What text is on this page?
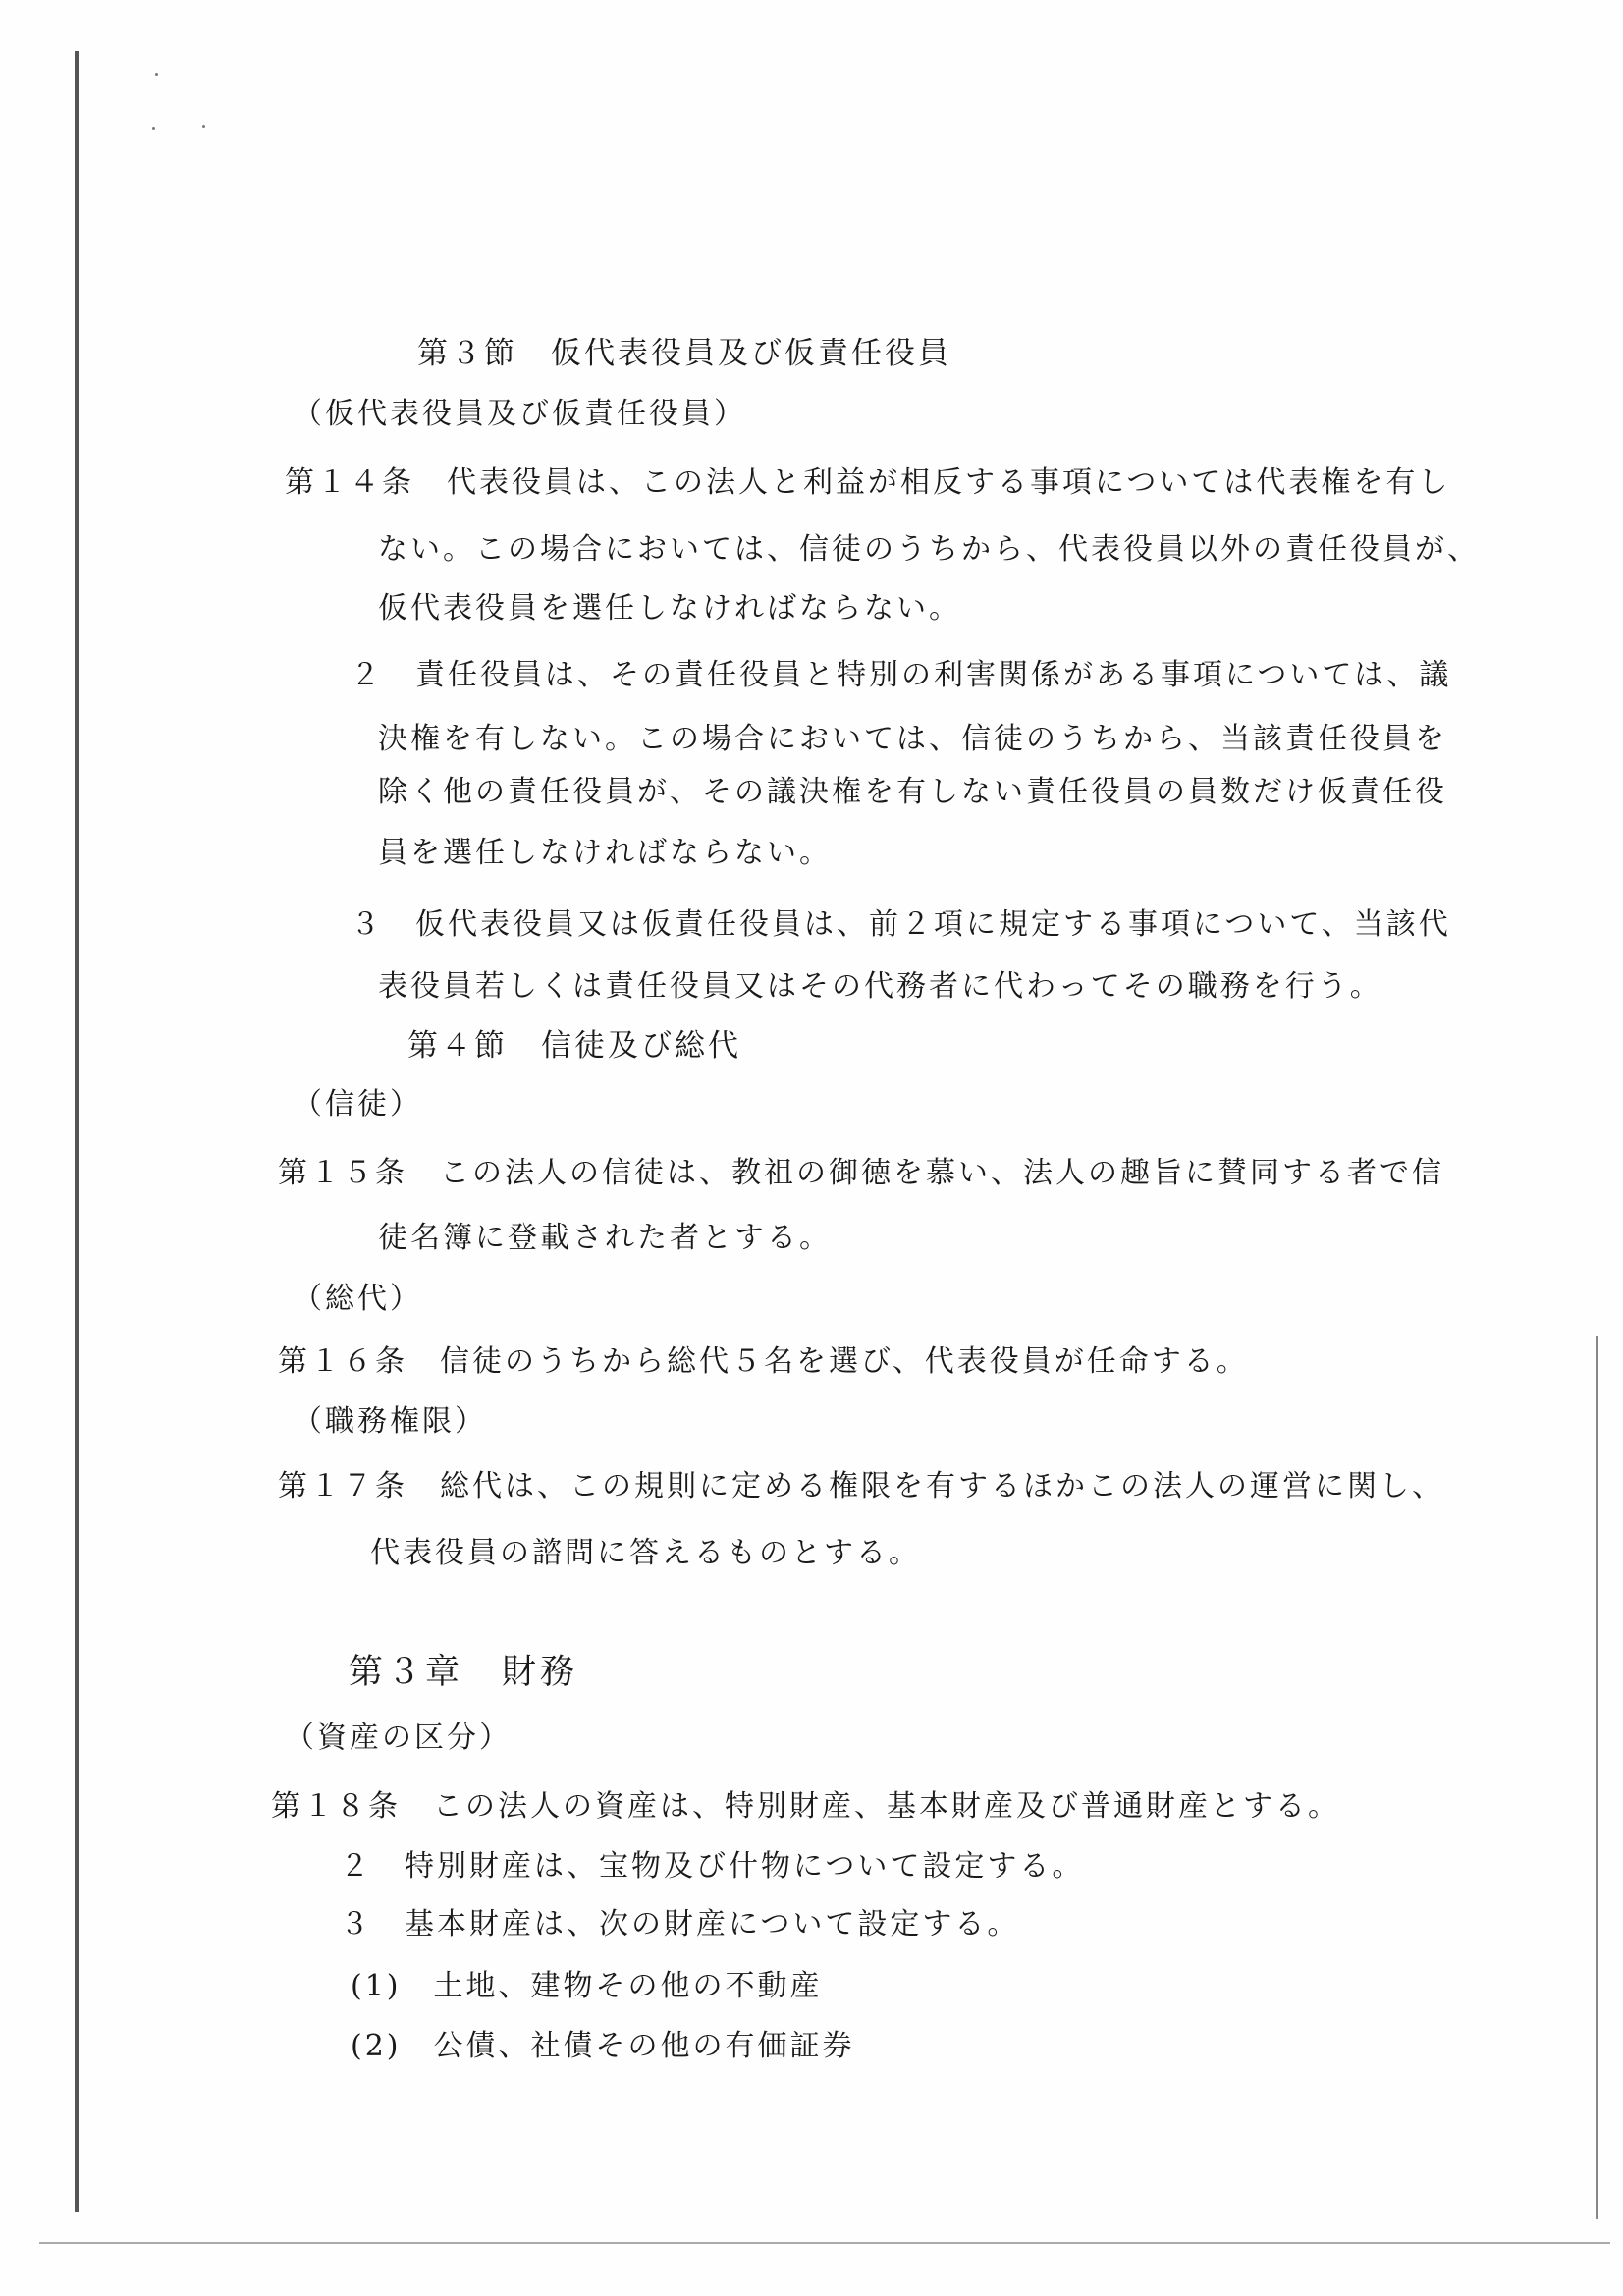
第３節　仮代表役員及び仮責任役員
（仮代表役員及び仮責任役員）
第１４条　代表役員は、この法人と利益が相反する事項については代表権を有し
ない。この場合においては、信徒のうちから、代表役員以外の責任役員が、
仮代表役員を選任しなければならない。
２　責任役員は、その責任役員と特別の利害関係がある事項については、議
決権を有しない。この場合においては、信徒のうちから、当該責任役員を
除く他の責任役員が、その議決権を有しない責任役員の員数だけ仮責任役
員を選任しなければならない。
３　仮代表役員又は仮責任役員は、前２項に規定する事項について、当該代
表役員若しくは責任役員又はその代務者に代わってその職務を行う。
第４節　信徒及び総代
（信徒）
第１５条　この法人の信徒は、教祖の御徳を慕い、法人の趣旨に賛同する者で信
徒名簿に登載された者とする。
（総代）
第１６条　信徒のうちから総代５名を選び、代表役員が任命する。
（職務権限）
第１７条　総代は、この規則に定める権限を有するほかこの法人の運営に関し、
代表役員の諮問に答えるものとする。
第３章　財務
（資産の区分）
第１８条　この法人の資産は、特別財産、基本財産及び普通財産とする。
２　特別財産は、宝物及び什物について設定する。
３　基本財産は、次の財産について設定する。
(1)　土地、建物その他の不動産
(2)　公債、社債その他の有価証券
